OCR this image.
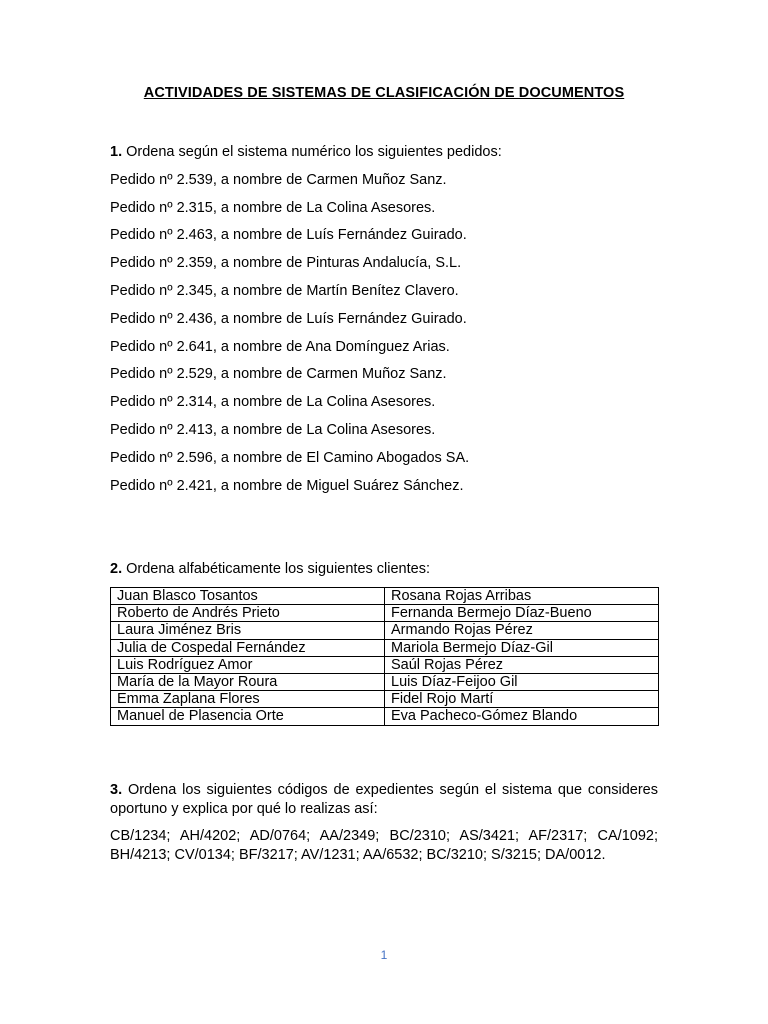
ACTIVIDADES DE SISTEMAS DE CLASIFICACIÓN DE DOCUMENTOS
1. Ordena según el sistema numérico los siguientes pedidos:
Pedido nº 2.539, a nombre de Carmen Muñoz Sanz.
Pedido nº 2.315, a nombre de La Colina Asesores.
Pedido nº 2.463, a nombre de Luís Fernández Guirado.
Pedido nº 2.359, a nombre de Pinturas Andalucía, S.L.
Pedido nº 2.345, a nombre de Martín Benítez Clavero.
Pedido nº 2.436, a nombre de Luís Fernández Guirado.
Pedido nº 2.641, a nombre de Ana Domínguez Arias.
Pedido nº 2.529, a nombre de Carmen Muñoz Sanz.
Pedido nº 2.314, a nombre de La Colina Asesores.
Pedido nº 2.413, a nombre de La Colina Asesores.
Pedido nº 2.596, a nombre de El Camino Abogados SA.
Pedido nº 2.421, a nombre de Miguel Suárez Sánchez.
2. Ordena alfabéticamente los siguientes clientes:
Juan Blasco Tosantos	Rosana Rojas Arribas
Roberto de Andrés Prieto	Fernanda Bermejo Díaz-Bueno
Laura Jiménez Bris	Armando Rojas Pérez
Julia de Cospedal Fernández	Mariola Bermejo Díaz-Gil
Luis Rodríguez Amor	Saúl Rojas Pérez
María de la Mayor Roura	Luis Díaz-Feijoo Gil
Emma Zaplana Flores	Fidel Rojo Martí
Manuel de Plasencia Orte	Eva Pacheco-Gómez Blando
3. Ordena los siguientes códigos de expedientes según el sistema que consideres oportuno y explica por qué lo realizas así:
CB/1234; AH/4202; AD/0764; AA/2349; BC/2310; AS/3421; AF/2317; CA/1092; BH/4213; CV/0134; BF/3217; AV/1231; AA/6532; BC/3210; S/3215; DA/0012.
1
